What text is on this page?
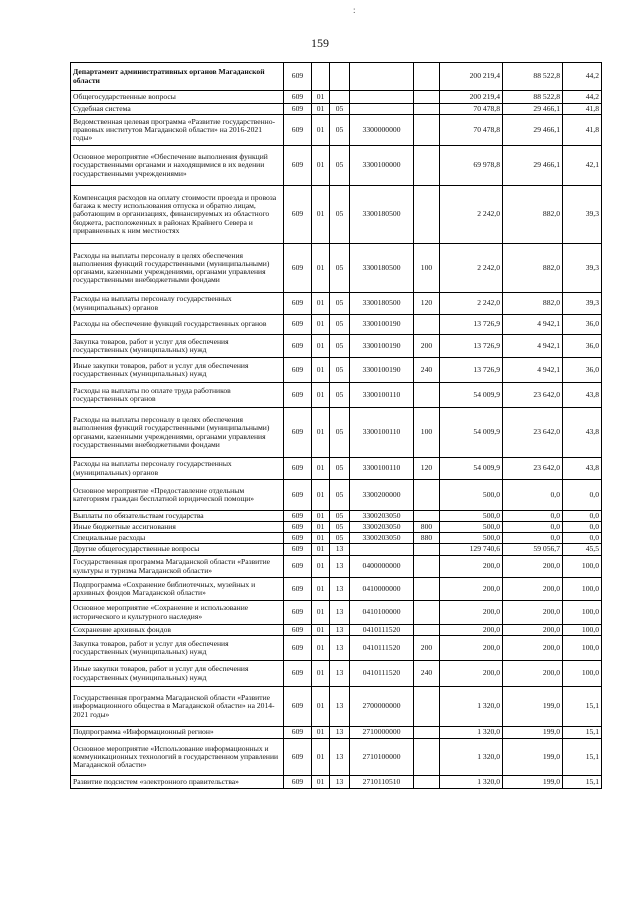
:
159
Департамент административных органов Магаданской области	609					200 219,4	88 522,8	44,2
Общегосударственные вопросы	609	01				200 219,4	88 522,8	44,2
Судебная система	609	01	05			70 478,8	29 466,1	41,8
Ведомственная целевая программа «Развитие государственно-правовых институтов Магаданской области» на 2016-2021 годы»	609	01	05	3300000000		70 478,8	29 466,1	41,8
Основное мероприятие «Обеспечение выполнения функций государственными органами и находящимися в их ведении государственными учреждениями»	609	01	05	3300100000		69 978,8	29 466,1	42,1
Компенсация расходов на оплату стоимости проезда и провоза багажа к месту использования отпуска и обратно лицам, работающим в организациях, финансируемых из областного бюджета, расположенных в районах Крайнего Севера и приравненных к ним местностях	609	01	05	3300180500		2 242,0	882,0	39,3
Расходы на выплаты персоналу в целях обеспечения выполнения функций государственными (муниципальными) органами, казенными учреждениями, органами управления государственными внебюджетными фондами	609	01	05	3300180500	100	2 242,0	882,0	39,3
Расходы на выплаты персоналу государственных (муниципальных) органов	609	01	05	3300180500	120	2 242,0	882,0	39,3
Расходы на обеспечение функций государственных органов	609	01	05	3300100190		13 726,9	4 942,1	36,0
Закупка товаров, работ и услуг для обеспечения государственных (муниципальных) нужд	609	01	05	3300100190	200	13 726,9	4 942,1	36,0
Иные закупки товаров, работ и услуг для обеспечения государственных (муниципальных) нужд	609	01	05	3300100190	240	13 726,9	4 942,1	36,0
Расходы на выплаты по оплате труда работников государственных органов	609	01	05	3300100110		54 009,9	23 642,0	43,8
Расходы на выплаты персоналу в целях обеспечения выполнения функций государственными (муниципальными) органами, казенными учреждениями, органами управления государственными внебюджетными фондами	609	01	05	3300100110	100	54 009,9	23 642,0	43,8
Расходы на выплаты персоналу государственных (муниципальных) органов	609	01	05	3300100110	120	54 009,9	23 642,0	43,8
Основное мероприятие «Предоставление отдельным категориям граждан бесплатной юридической помощи»	609	01	05	3300200000		500,0	0,0	0,0
Выплаты по обязательствам государства	609	01	05	3300203050		500,0	0,0	0,0
Иные бюджетные ассигнования	609	01	05	3300203050	800	500,0	0,0	0,0
Специальные расходы	609	01	05	3300203050	880	500,0	0,0	0,0
Другие общегосударственные вопросы	609	01	13			129 740,6	59 056,7	45,5
Государственная программа Магаданской области «Развитие культуры и туризма Магаданской области»	609	01	13	0400000000		200,0	200,0	100,0
Подпрограмма «Сохранение библиотечных, музейных и архивных фондов Магаданской области»	609	01	13	0410000000		200,0	200,0	100,0
Основное мероприятие «Сохранение и использование исторического и культурного наследия»	609	01	13	0410100000		200,0	200,0	100,0
Сохранение архивных фондов	609	01	13	0410111520		200,0	200,0	100,0
Закупка товаров, работ и услуг для обеспечения государственных (муниципальных) нужд	609	01	13	0410111520	200	200,0	200,0	100,0
Иные закупки товаров, работ и услуг для обеспечения государственных (муниципальных) нужд	609	01	13	0410111520	240	200,0	200,0	100,0
Государственная программа Магаданской области «Развитие информационного общества в Магаданской области» на 2014-2021 годы»	609	01	13	2700000000		1 320,0	199,0	15,1
Подпрограмма «Информационный регион»	609	01	13	2710000000		1 320,0	199,0	15,1
Основное мероприятие «Использование информационных и коммуникационных технологий в государственном управлении Магаданской области»	609	01	13	2710100000		1 320,0	199,0	15,1
Развитие подсистем «электронного правительства»	609	01	13	2710110510		1 320,0	199,0	15,1
